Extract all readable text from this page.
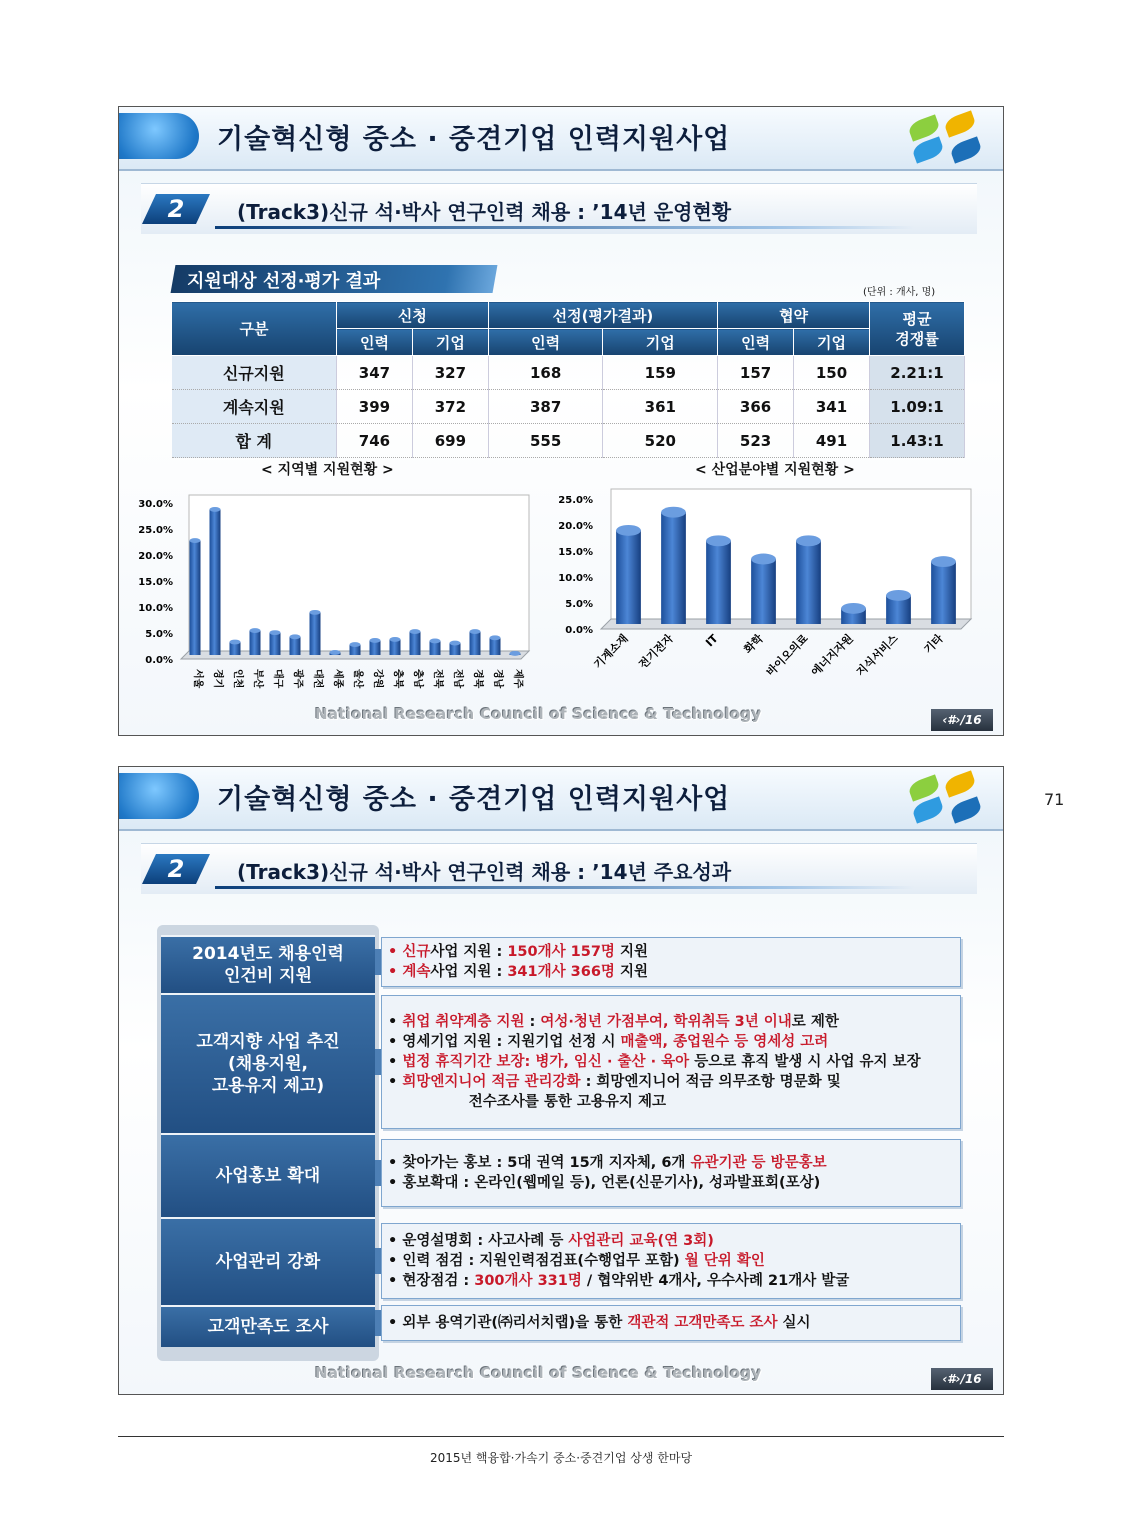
기술혁신형 중소 · 중견기업 인력지원사업
2	(Track3)신규 석·박사 연구인력 채용 : ’14년 운영현황
지원대상 선정·평가 결과
(단위 : 개사, 명)
구분	신청		선정(평가결과)		협약		평균
경쟁률
	인력	기업	인력	기업	인력	기업	
신규지원	347	327	168	159	157	150	2.21:1
계속지원	399	372	387	361	366	341	1.09:1
합 계	746	699	555	520	523	491	1.43:1
< 지역별 지원현황 >	< 산업분야별 지원현황 >
30.0%
25.0%
20.0%
15.0%
10.0%
5.0%
0.0%
서울 경기 인천 부산 대구 광주 대전 세종 울산 강원 충북 충남 전북 전남 경북 경남 제주
25.0%
20.0%
15.0%
10.0%
5.0%
0.0%
기계소재 전기전자	IT 화학
바이오의료
에너지자원
지식서비스 기타
National Research Council of Science & Technology	‹#›/16
기술혁신형 중소 · 중견기업 인력지원사업
2	(Track3)신규 석·박사 연구인력 채용 : ’14년 주요성과
2014년도 채용인력
인건비 지원
• 신규사업 지원 : 150개사 157명 지원
• 계속사업 지원 : 341개사 366명 지원
고객지향 사업 추진
(채용지원,
고용유지 제고)
• 취업 취약계층 지원 : 여성·청년 가점부여, 학위취득 3년 이내로 제한
• 영세기업 지원 : 지원기업 선정 시 매출액, 종업원수 등 영세성 고려
• 법정 휴직기간 보장: 병가, 임신 · 출산 · 육아 등으로 휴직 발생 시 사업 유지 보장
• 희망엔지니어 적금 관리강화 : 희망엔지니어 적금 의무조항 명문화 및
전수조사를 통한 고용유지 제고
사업홍보 확대
• 찾아가는 홍보 : 5대 권역 15개 지자체, 6개 유관기관 등 방문홍보
• 홍보확대 : 온라인(웹메일 등), 언론(신문기사), 성과발표회(포상)
사업관리 강화
• 운영설명회 : 사고사례 등 사업관리 교육(연 3회)
• 인력 점검 : 지원인력점검표(수행업무 포함) 월 단위 확인
• 현장점검 : 300개사 331명 / 협약위반 4개사, 우수사례 21개사 발굴
고객만족도 조사	• 외부 용역기관(㈜리서치랩)을 통한 객관적 고객만족도 조사 실시
National Research Council of Science & Technology	‹#›/16
71
2015년 핵융합·가속기 중소·중견기업 상생 한마당
